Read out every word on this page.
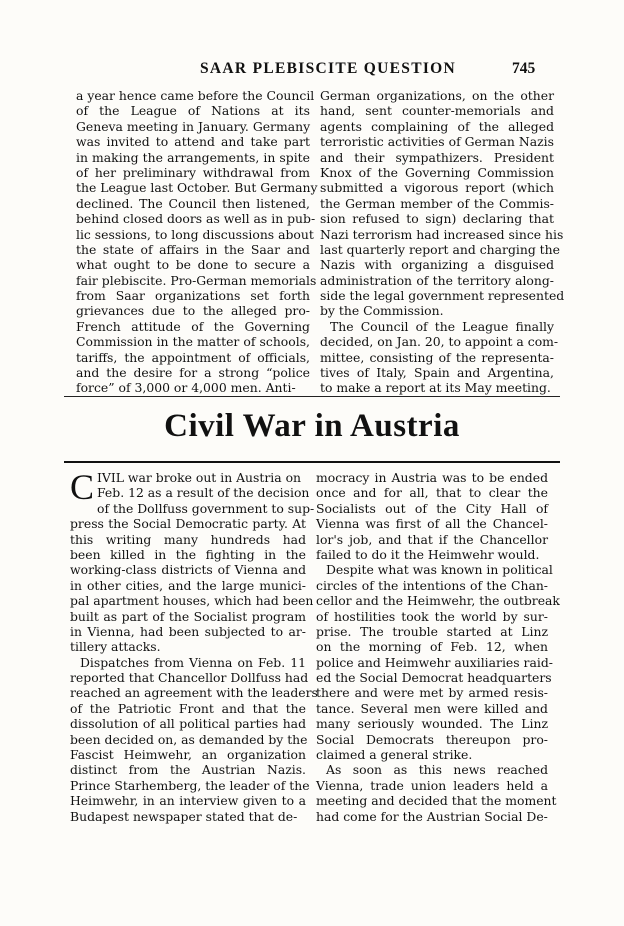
SAAR PLEBISCITE QUESTION	745
a year hence came before the Council
of the League of Nations at its
Geneva meeting in January. Germany
was invited to attend and take part
in making the arrangements, in spite
of her preliminary withdrawal from
the League last October. But Germany
declined. The Council then listened,
behind closed doors as well as in pub-
lic sessions, to long discussions about
the state of affairs in the Saar and
what ought to be done to secure a
fair plebiscite. Pro-German memorials
from Saar organizations set forth
grievances due to the alleged pro-
French attitude of the Governing
Commission in the matter of schools,
tariffs, the appointment of officials,
and the desire for a strong “police
force” of 3,000 or 4,000 men. Anti-
German organizations, on the other
hand, sent counter-memorials and
agents complaining of the alleged
terroristic activities of German Nazis
and their sympathizers. President
Knox of the Governing Commission
submitted a vigorous report (which
the German member of the Commis-
sion refused to sign) declaring that
Nazi terrorism had increased since his
last quarterly report and charging the
Nazis with organizing a disguised
administration of the territory along-
side the legal government represented
by the Commission.
The Council of the League finally
decided, on Jan. 20, to appoint a com-
mittee, consisting of the representa-
tives of Italy, Spain and Argentina,
to make a report at its May meeting.
Civil War in Austria
CIVIL war broke out in Austria on
Feb. 12 as a result of the decision
of the Dollfuss government to sup-
press the Social Democratic party. At
this writing many hundreds had
been killed in the fighting in the
working-class districts of Vienna and
in other cities, and the large munici-
pal apartment houses, which had been
built as part of the Socialist program
in Vienna, had been subjected to ar-
tillery attacks.
Dispatches from Vienna on Feb. 11
reported that Chancellor Dollfuss had
reached an agreement with the leaders
of the Patriotic Front and that the
dissolution of all political parties had
been decided on, as demanded by the
Fascist Heimwehr, an organization
distinct from the Austrian Nazis.
Prince Starhemberg, the leader of the
Heimwehr, in an interview given to a
Budapest newspaper stated that de-
mocracy in Austria was to be ended
once and for all, that to clear the
Socialists out of the City Hall of
Vienna was first of all the Chancel-
lor's job, and that if the Chancellor
failed to do it the Heimwehr would.
Despite what was known in political
circles of the intentions of the Chan-
cellor and the Heimwehr, the outbreak
of hostilities took the world by sur-
prise. The trouble started at Linz
on the morning of Feb. 12, when
police and Heimwehr auxiliaries raid-
ed the Social Democrat headquarters
there and were met by armed resis-
tance. Several men were killed and
many seriously wounded. The Linz
Social Democrats thereupon pro-
claimed a general strike.
As soon as this news reached
Vienna, trade union leaders held a
meeting and decided that the moment
had come for the Austrian Social De-
